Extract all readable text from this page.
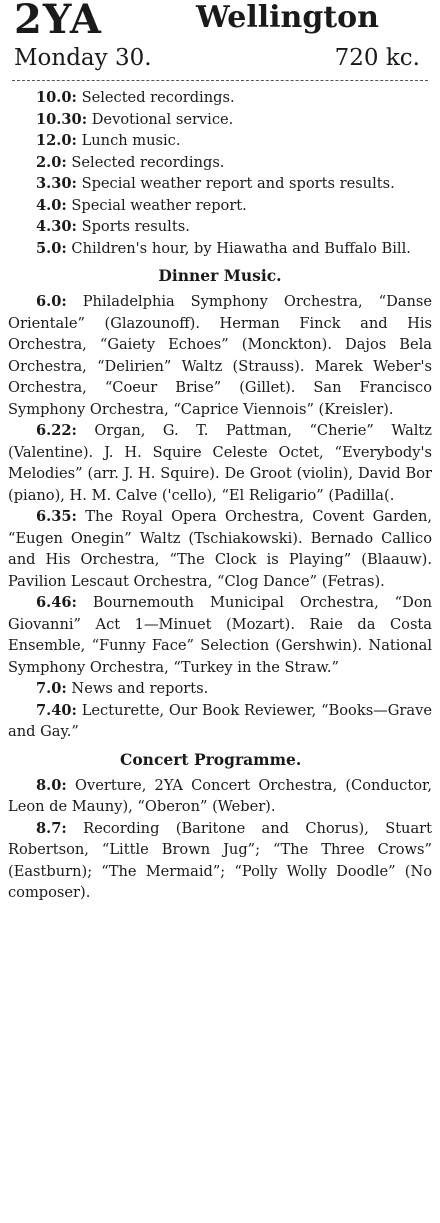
2YA	Wellington
Monday 30.	720 kc.

10.0: Selected recordings.

10.30: Devotional service.

12.0: Lunch music.

2.0: Selected recordings.

3.30: Special weather report and sports results.

4.0: Special weather report.

4.30: Sports results.

5.0: Children's hour, by Hiawatha and Buffalo Bill.

Dinner Music.

6.0: Philadelphia Symphony Orchestra, “Danse Orientale” (Glazounoff). Herman Finck and His Orchestra, “Gaiety Echoes” (Monckton). Dajos Bela Orchestra, “Delirien” Waltz (Strauss). Marek Weber's Orchestra, “Coeur Brise” (Gillet). San Francisco Symphony Orchestra, “Caprice Viennois” (Kreisler).

6.22: Organ, G. T. Pattman, “Cherie” Waltz (Valentine). J. H. Squire Celeste Octet, “Everybody's Melodies” (arr. J. H. Squire). De Groot (violin), David Bor (piano), H. M. Calve ('cello), “El Religario” (Padilla(.

6.35: The Royal Opera Orchestra, Covent Garden, “Eugen Onegin” Waltz (Tschiakowski). Bernado Callico and His Orchestra, “The Clock is Playing” (Blaauw). Pavilion Lescaut Orchestra, “Clog Dance” (Fetras).

6.46: Bournemouth Municipal Orchestra, “Don Giovanni” Act 1—Minuet (Mozart). Raie da Costa Ensemble, “Funny Face” Selection (Gershwin). National Symphony Orchestra, “Turkey in the Straw.”

7.0: News and reports.

7.40: Lecturette, Our Book Reviewer, “Books—Grave and Gay.”

Concert Programme.

8.0: Overture, 2YA Concert Orchestra, (Conductor, Leon de Mauny), “Oberon” (Weber).

8.7: Recording (Baritone and Chorus), Stuart Robertson, “Little Brown Jug”; “The Three Crows” (Eastburn); “The Mermaid”; “Polly Wolly Doodle” (No composer).
